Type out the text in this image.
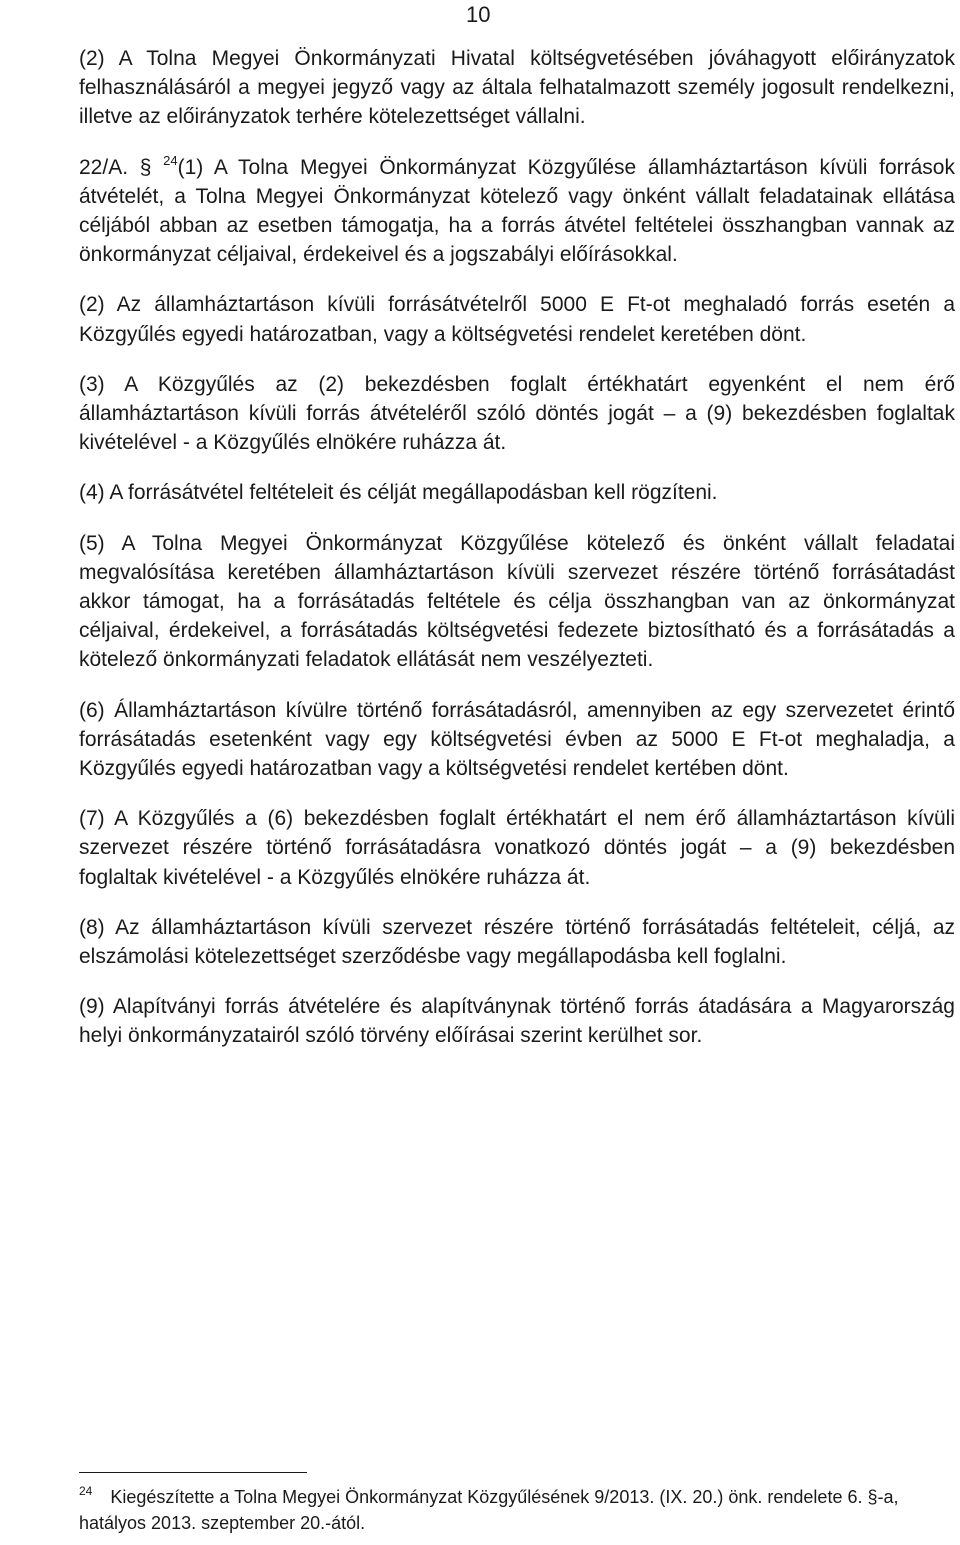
10

(2) A Tolna Megyei Önkormányzati Hivatal költségvetésében jóváhagyott előirányzatok felhasználásáról a megyei jegyző vagy az általa felhatalmazott személy jogosult rendelkezni, illetve az előirányzatok terhére kötelezettséget vállalni.

22/A. § $^{24}$(1) A Tolna Megyei Önkormányzat Közgyűlése államháztartáson kívüli források átvételét, a Tolna Megyei Önkormányzat kötelező vagy önként vállalt feladatainak ellátása céljából abban az esetben támogatja, ha a forrás átvétel feltételei összhangban vannak az önkormányzat céljaival, érdekeivel és a jogszabályi előírásokkal.

(2) Az államháztartáson kívüli forrásátvételről 5000 E Ft-ot meghaladó forrás esetén a Közgyűlés egyedi határozatban, vagy a költségvetési rendelet keretében dönt.

(3) A Közgyűlés az (2) bekezdésben foglalt értékhatárt egyenként el nem érő államháztartáson kívüli forrás átvételéről szóló döntés jogát – a (9) bekezdésben foglaltak kivételével - a Közgyűlés elnökére ruházza át.

(4) A forrásátvétel feltételeit és célját megállapodásban kell rögzíteni.

(5) A Tolna Megyei Önkormányzat Közgyűlése kötelező és önként vállalt feladatai megvalósítása keretében államháztartáson kívüli szervezet részére történő forrásátadást akkor támogat, ha a forrásátadás feltétele és célja összhangban van az önkormányzat céljaival, érdekeivel, a forrásátadás költségvetési fedezete biztosítható és a forrásátadás a kötelező önkormányzati feladatok ellátását nem veszélyezteti.

(6) Államháztartáson kívülre történő forrásátadásról, amennyiben az egy szervezetet érintő forrásátadás esetenként vagy egy költségvetési évben az 5000 E Ft-ot meghaladja, a Közgyűlés egyedi határozatban vagy a költségvetési rendelet kertében dönt.

(7) A Közgyűlés a (6) bekezdésben foglalt értékhatárt el nem érő államháztartáson kívüli szervezet részére történő forrásátadásra vonatkozó döntés jogát – a (9) bekezdésben foglaltak kivételével - a Közgyűlés elnökére ruházza át.

(8) Az államháztartáson kívüli szervezet részére történő forrásátadás feltételeit, céljá, az elszámolási kötelezettséget szerződésbe vagy megállapodásba kell foglalni.

(9) Alapítványi forrás átvételére és alapítványnak történő forrás átadására a Magyarország helyi önkormányzatairól szóló törvény előírásai szerint kerülhet sor.

$^{24}$ Kiegészítette a Tolna Megyei Önkormányzat Közgyűlésének 9/2013. (IX. 20.) önk. rendelete 6. §-a, hatályos 2013. szeptember 20.-ától.
